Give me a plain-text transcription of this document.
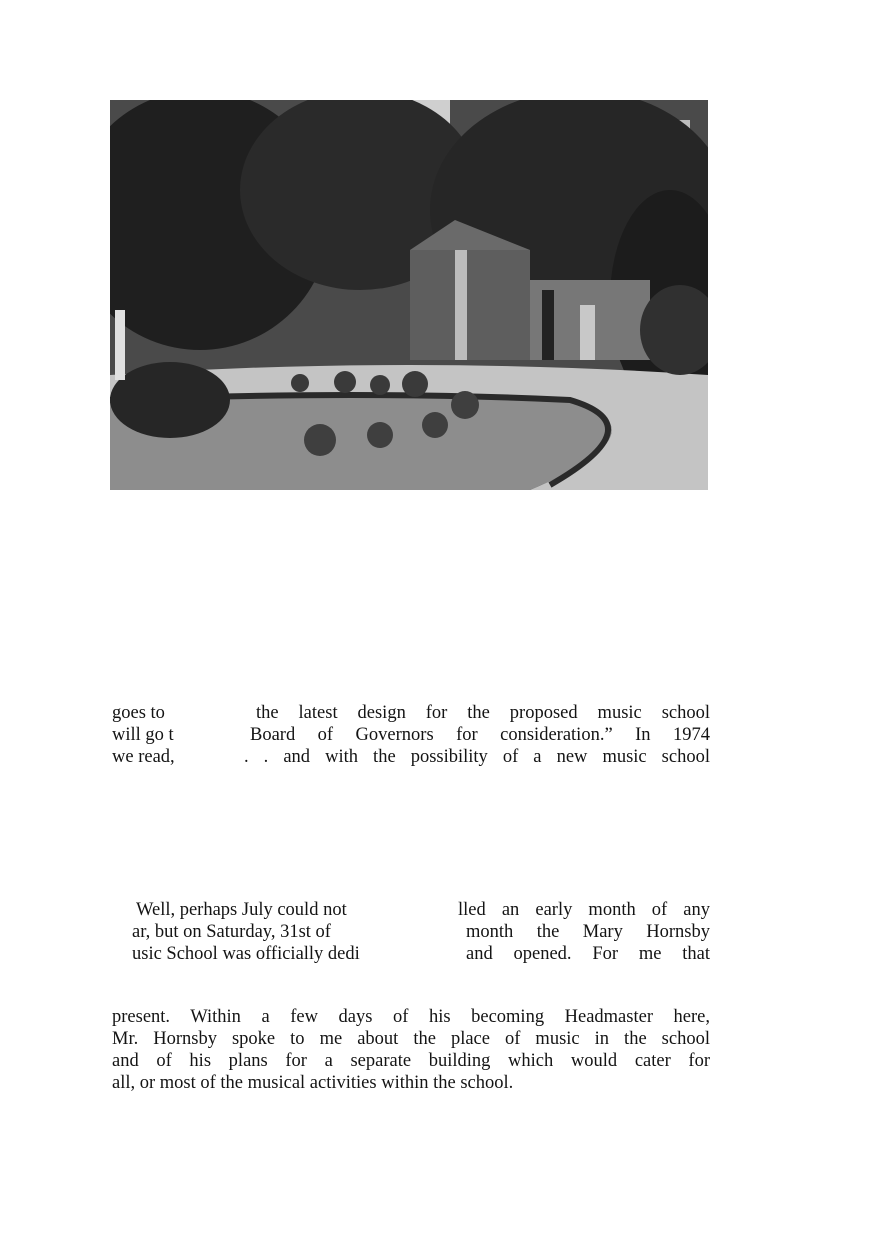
goes to
will go t
we read,
the latest design for the proposed music school
Board of Governors for consideration.” In 1974
. . and with the possibility of a new music school
Well, perhaps July could not
ar, but on Saturday, 31st of
usic School was officially dedi
lled an early month of any
month the Mary Hornsby
and opened. For me that
present. Within a few days of his becoming Headmaster here,
Mr. Hornsby spoke to me about the place of music in the school
and of his plans for a separate building which would cater for
all, or most of the musical activities within the school.
